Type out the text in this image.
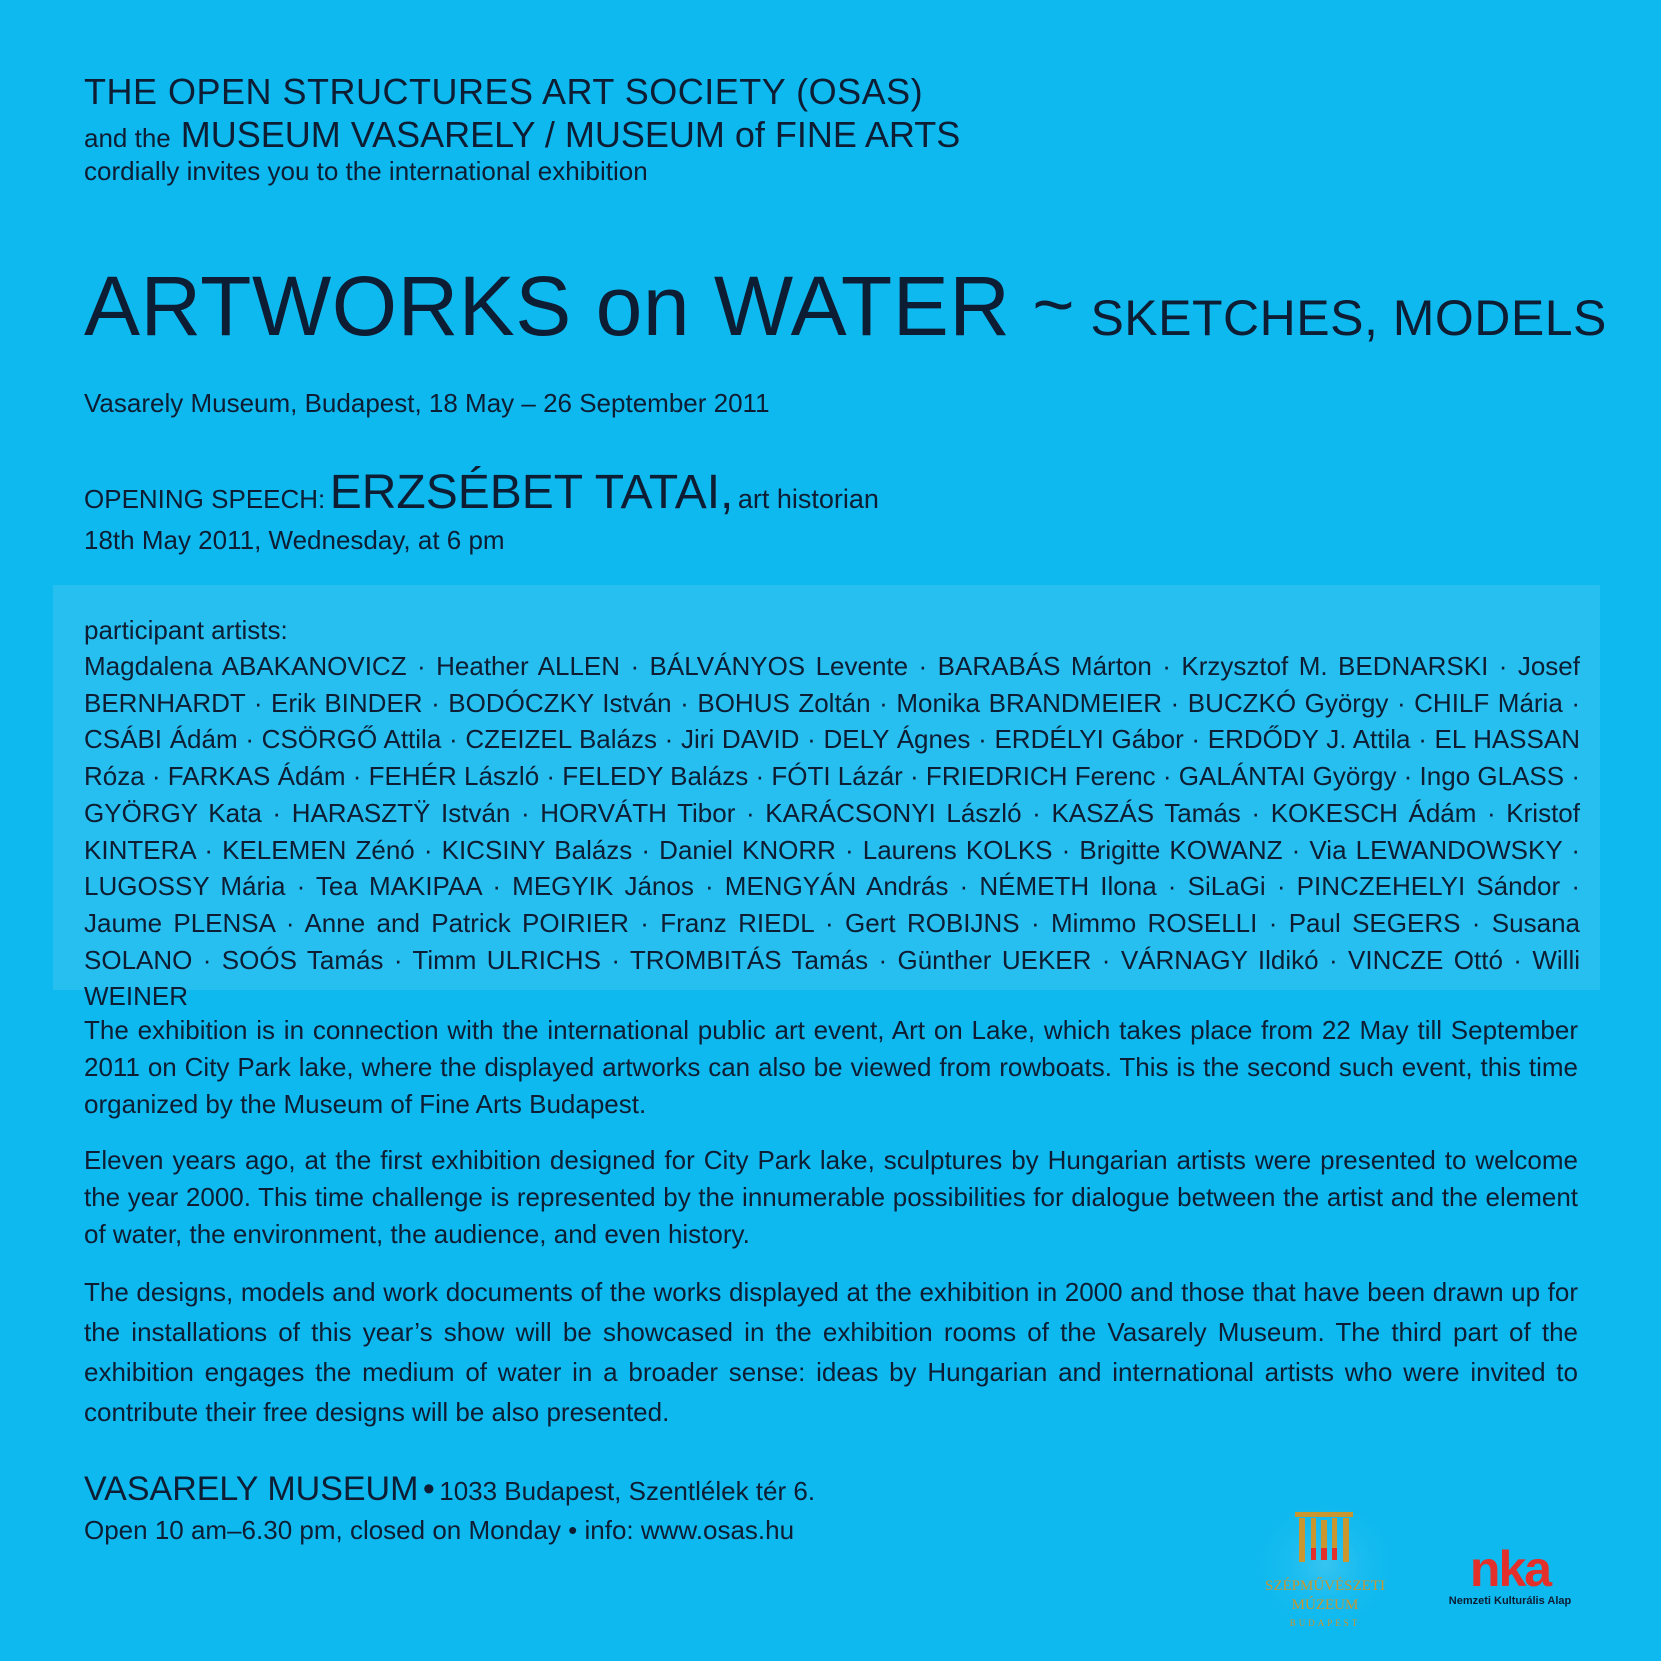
THE OPEN STRUCTURES ART SOCIETY (OSAS)
and the MUSEUM VASARELY / MUSEUM of FINE ARTS
cordially invites you to the international exhibition
ARTWORKS on WATER ~ SKETCHES, MODELS
Vasarely Museum, Budapest, 18 May – 26 September 2011
OPENING SPEECH: ERZSÉBET TATAI, art historian
18th May 2011, Wednesday, at 6 pm
participant artists:
Magdalena ABAKANOVICZ · Heather ALLEN · BÁLVÁNYOS Levente · BARABÁS Márton · Krzysztof M. BEDNARSKI · Josef BERNHARDT · Erik BINDER · BODÓCZKY István · BOHUS Zoltán · Monika BRANDMEIER · BUCZKÓ György · CHILF Mária · CSÁBI Ádám · CSÖRGŐ Attila · CZEIZEL Balázs · Jiri DAVID · DELY Ágnes · ERDÉLYI Gábor · ERDŐDY J. Attila · EL HASSAN Róza · FARKAS Ádám · FEHÉR László · FELEDY Balázs · FÓTI Lázár · FRIEDRICH Ferenc · GALÁNTAI György · Ingo GLASS · GYÖRGY Kata · HARASZTŸ István · HORVÁTH Tibor · KARÁCSONYI László · KASZÁS Tamás · KOKESCH Ádám · Kristof KINTERA · KELEMEN Zénó · KICSINY Balázs · Daniel KNORR · Laurens KOLKS · Brigitte KOWANZ · Via LEWANDOWSKY · LUGOSSY Mária · Tea MAKIPAA · MEGYIK János · MENGYÁN András · NÉMETH Ilona · SiLaGi · PINCZEHELYI Sándor · Jaume PLENSA · Anne and Patrick POIRIER · Franz RIEDL · Gert ROBIJNS · Mimmo ROSELLI · Paul SEGERS · Susana SOLANO · SOÓS Tamás · Timm ULRICHS · TROMBITÁS Tamás · Günther UEKER · VÁRNAGY Ildikó · VINCZE Ottó · Willi WEINER

The exhibition is in connection with the international public art event, Art on Lake, which takes place from 22 May till September 2011 on City Park lake, where the displayed artworks can also be viewed from rowboats. This is the second such event, this time organized by the Museum of Fine Arts Budapest.

Eleven years ago, at the first exhibition designed for City Park lake, sculptures by Hungarian artists were presented to welcome the year 2000. This time challenge is represented by the innumerable possibilities for dialogue between the artist and the element of water, the environment, the audience, and even history.

The designs, models and work documents of the works displayed at the exhibition in 2000 and those that have been drawn up for the installations of this year’s show will be showcased in the exhibition rooms of the Vasarely Museum. The third part of the exhibition engages the medium of water in a broader sense: ideas by Hungarian and international artists who were invited to contribute their free designs will be also presented.

VASARELY MUSEUM • 1033 Budapest, Szentlélek tér 6.
Open 10 am–6.30 pm, closed on Monday • info: www.osas.hu
SZÉPMŰVÉSZETI
MÚZEUM
BUDAPEST
nka
Nemzeti Kulturális Alap
